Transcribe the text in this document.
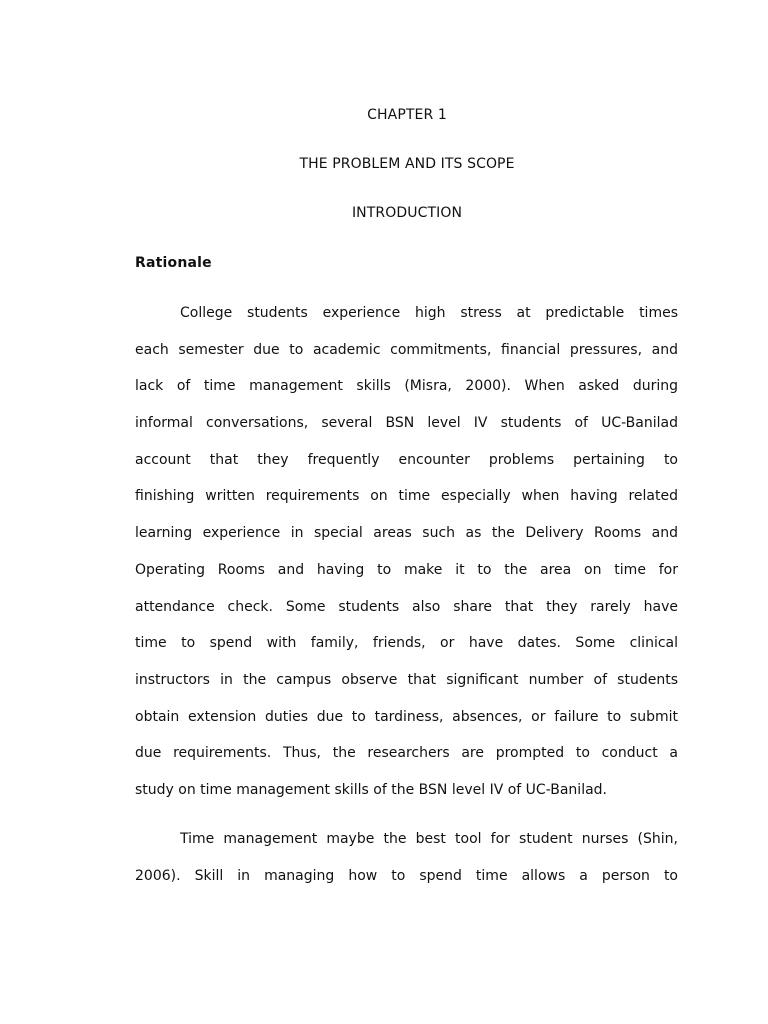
CHAPTER 1
THE PROBLEM AND ITS SCOPE
INTRODUCTION
Rationale
College students experience high stress at predictable times
each semester due to academic commitments, financial pressures, and
lack of time management skills (Misra, 2000). When asked during
informal conversations, several BSN level IV students of UC-Banilad
account that they frequently encounter problems pertaining to
finishing written requirements on time especially when having related
learning experience in special areas such as the Delivery Rooms and
Operating Rooms and having to make it to the area on time for
attendance check. Some students also share that they rarely have
time to spend with family, friends, or have dates. Some clinical
instructors in the campus observe that significant number of students
obtain extension duties due to tardiness, absences, or failure to submit
due requirements. Thus, the researchers are prompted to conduct a
study on time management skills of the BSN level IV of UC-Banilad.
Time management maybe the best tool for student nurses (Shin,
2006). Skill in managing how to spend time allows a person to
